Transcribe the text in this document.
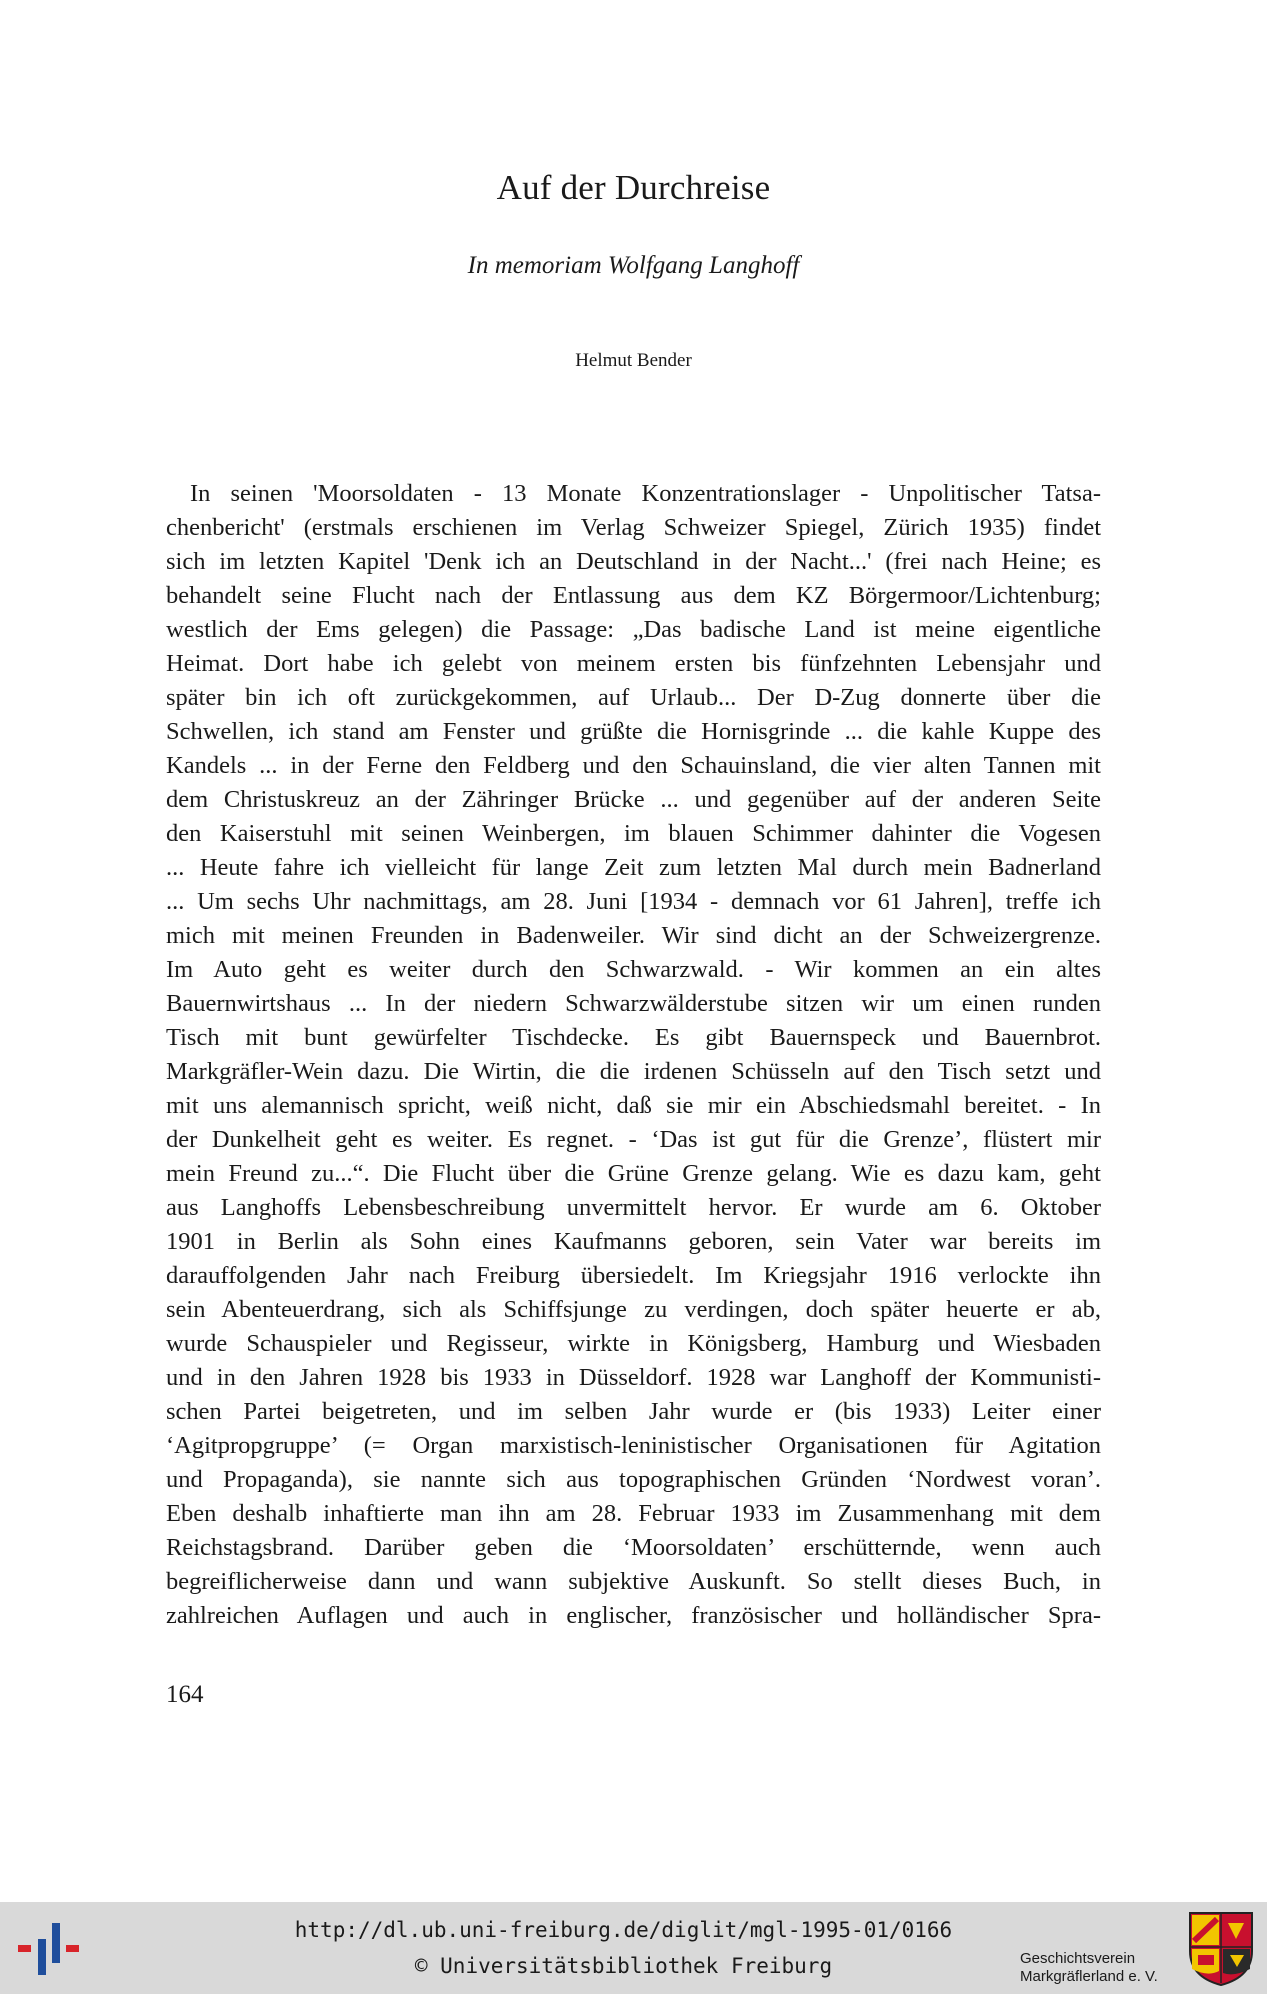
Auf der Durchreise
In memoriam Wolfgang Langhoff
Helmut Bender
In seinen 'Moorsoldaten - 13 Monate Konzentrationslager - Unpolitischer Tatsa-
chenbericht' (erstmals erschienen im Verlag Schweizer Spiegel, Zürich 1935) findet
sich im letzten Kapitel 'Denk ich an Deutschland in der Nacht...' (frei nach Heine; es
behandelt seine Flucht nach der Entlassung aus dem KZ Börgermoor/Lichtenburg;
westlich der Ems gelegen) die Passage: „Das badische Land ist meine eigentliche
Heimat. Dort habe ich gelebt von meinem ersten bis fünfzehnten Lebensjahr und
später bin ich oft zurückgekommen, auf Urlaub... Der D-Zug donnerte über die
Schwellen, ich stand am Fenster und grüßte die Hornisgrinde ... die kahle Kuppe des
Kandels ... in der Ferne den Feldberg und den Schauinsland, die vier alten Tannen mit
dem Christuskreuz an der Zähringer Brücke ... und gegenüber auf der anderen Seite
den Kaiserstuhl mit seinen Weinbergen, im blauen Schimmer dahinter die Vogesen
... Heute fahre ich vielleicht für lange Zeit zum letzten Mal durch mein Badnerland
... Um sechs Uhr nachmittags, am 28. Juni [1934 - demnach vor 61 Jahren], treffe ich
mich mit meinen Freunden in Badenweiler. Wir sind dicht an der Schweizergrenze.
Im Auto geht es weiter durch den Schwarzwald. - Wir kommen an ein altes
Bauernwirtshaus ... In der niedern Schwarzwälderstube sitzen wir um einen runden
Tisch mit bunt gewürfelter Tischdecke. Es gibt Bauernspeck und Bauernbrot.
Markgräfler-Wein dazu. Die Wirtin, die die irdenen Schüsseln auf den Tisch setzt und
mit uns alemannisch spricht, weiß nicht, daß sie mir ein Abschiedsmahl bereitet. - In
der Dunkelheit geht es weiter. Es regnet. - ‘Das ist gut für die Grenze’, flüstert mir
mein Freund zu...“. Die Flucht über die Grüne Grenze gelang. Wie es dazu kam, geht
aus Langhoffs Lebensbeschreibung unvermittelt hervor. Er wurde am 6. Oktober
1901 in Berlin als Sohn eines Kaufmanns geboren, sein Vater war bereits im
darauffolgenden Jahr nach Freiburg übersiedelt. Im Kriegsjahr 1916 verlockte ihn
sein Abenteuerdrang, sich als Schiffsjunge zu verdingen, doch später heuerte er ab,
wurde Schauspieler und Regisseur, wirkte in Königsberg, Hamburg und Wiesbaden
und in den Jahren 1928 bis 1933 in Düsseldorf. 1928 war Langhoff der Kommunisti-
schen Partei beigetreten, und im selben Jahr wurde er (bis 1933) Leiter einer
‘Agitpropgruppe’ (= Organ marxistisch-leninistischer Organisationen für Agitation
und Propaganda), sie nannte sich aus topographischen Gründen ‘Nordwest voran’.
Eben deshalb inhaftierte man ihn am 28. Februar 1933 im Zusammenhang mit dem
Reichstagsbrand. Darüber geben die ‘Moorsoldaten’ erschütternde, wenn auch
begreiflicherweise dann und wann subjektive Auskunft. So stellt dieses Buch, in
zahlreichen Auflagen und auch in englischer, französischer und holländischer Spra-
164
http://dl.ub.uni-freiburg.de/diglit/mgl-1995-01/0166
© Universitätsbibliothek Freiburg	Geschichtsverein
Markgräflerland e. V.
